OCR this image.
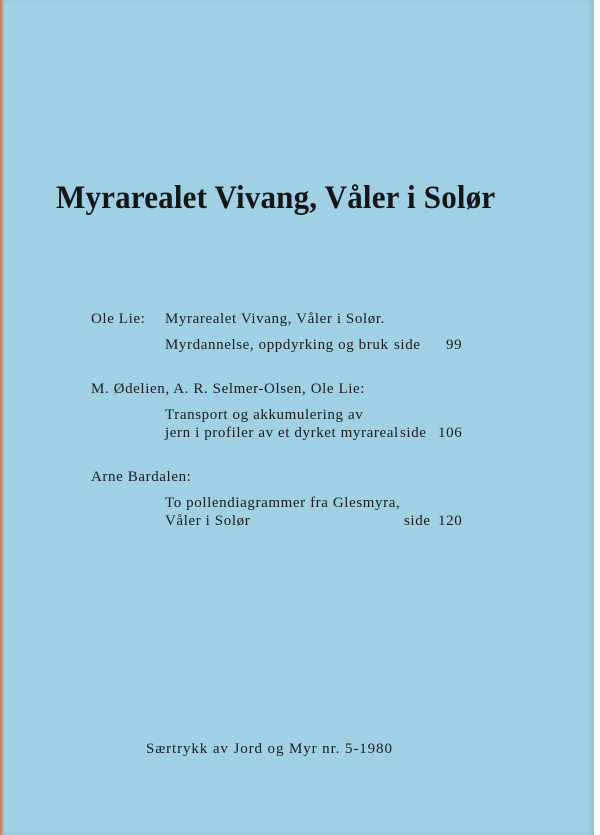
Myrarealet Vivang, Våler i Solør
Ole Lie: Myrarealet Vivang, Våler i Solør.
Myrdannelse, oppdyrking og bruk side 99
M. Ødelien, A. R. Selmer-Olsen, Ole Lie:
Transport og akkumulering av
jern i profiler av et dyrket myrareal side 106
Arne Bardalen:
To pollendiagrammer fra Glesmyra,
Våler i Solør	side 120
Særtrykk av Jord og Myr nr. 5-1980
